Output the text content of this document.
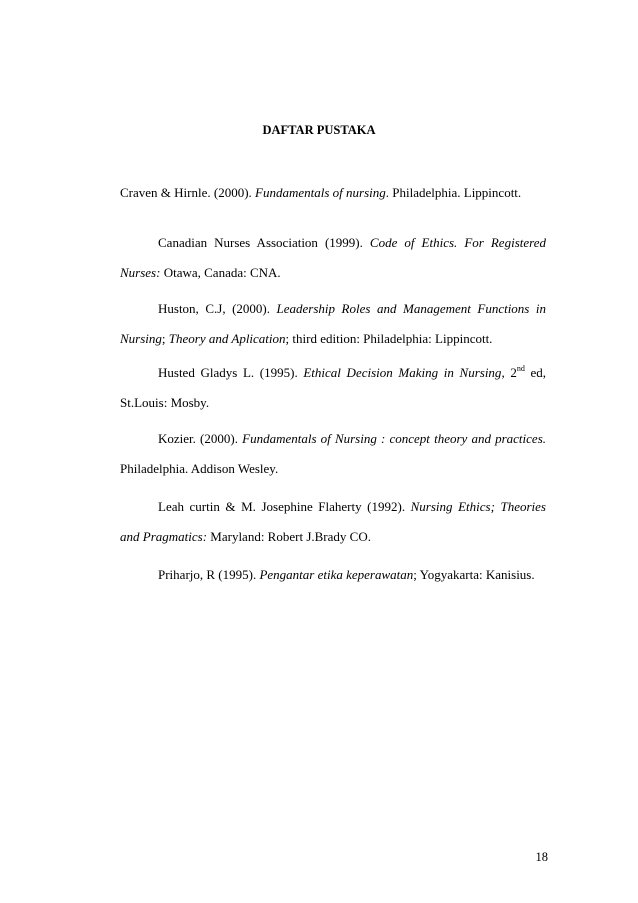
DAFTAR PUSTAKA
Craven & Hirnle. (2000). Fundamentals of nursing. Philadelphia. Lippincott.
Canadian Nurses Association (1999). Code of Ethics. For Registered Nurses: Otawa, Canada: CNA.
Huston, C.J, (2000). Leadership Roles and Management Functions in Nursing; Theory and Aplication; third edition: Philadelphia: Lippincott.
Husted Gladys L. (1995). Ethical Decision Making in Nursing, 2nd ed, St.Louis: Mosby.
Kozier. (2000). Fundamentals of Nursing : concept theory and practices. Philadelphia. Addison Wesley.
Leah curtin & M. Josephine Flaherty (1992). Nursing Ethics; Theories and Pragmatics: Maryland: Robert J.Brady CO.
Priharjo, R (1995). Pengantar etika keperawatan; Yogyakarta: Kanisius.
18
